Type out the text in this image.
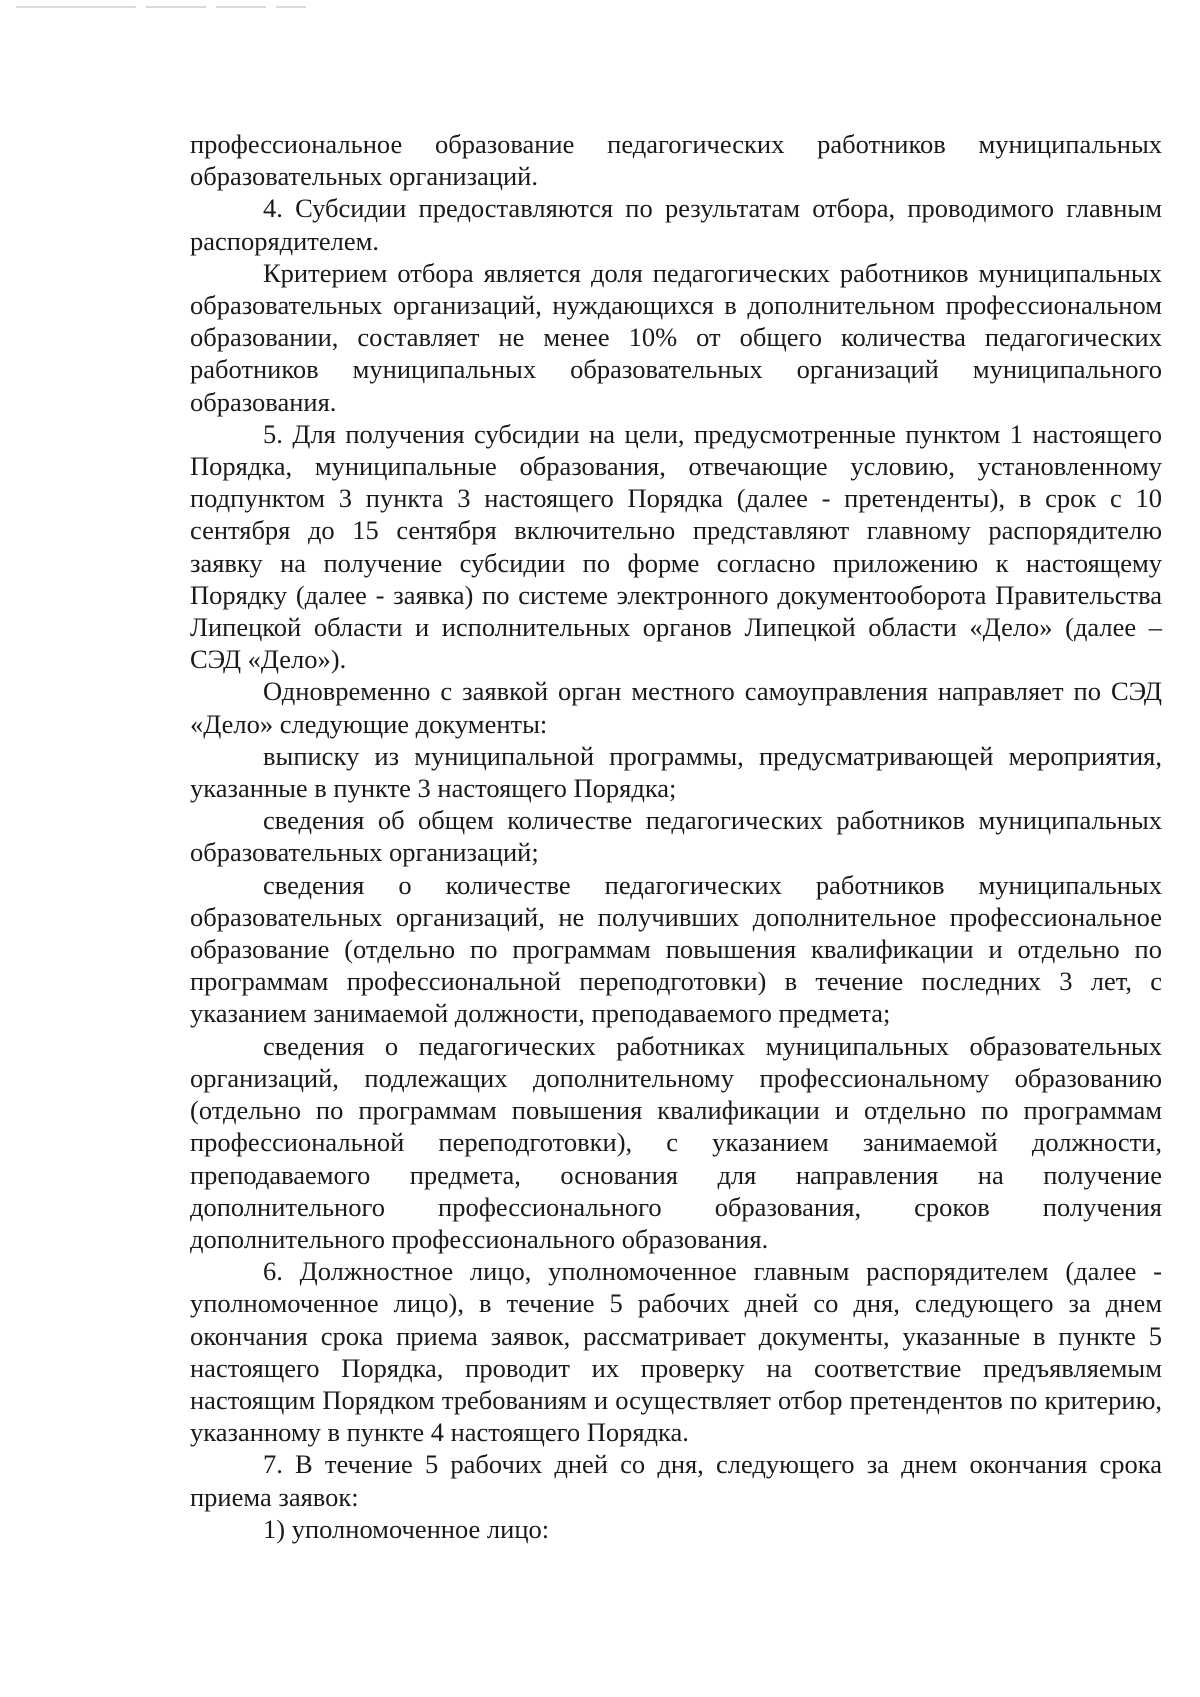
профессиональное образование педагогических работников муниципальных образовательных организаций.

4. Субсидии предоставляются по результатам отбора, проводимого главным распорядителем.

Критерием отбора является доля педагогических работников муниципальных образовательных организаций, нуждающихся в дополнительном профессиональном образовании, составляет не менее 10% от общего количества педагогических работников муниципальных образовательных организаций муниципального образования.

5. Для получения субсидии на цели, предусмотренные пунктом 1 настоящего Порядка, муниципальные образования, отвечающие условию, установленному подпунктом 3 пункта 3 настоящего Порядка (далее - претенденты), в срок с 10 сентября до 15 сентября включительно представляют главному распорядителю заявку на получение субсидии по форме согласно приложению к настоящему Порядку (далее - заявка) по системе электронного документооборота Правительства Липецкой области и исполнительных органов Липецкой области «Дело» (далее – СЭД «Дело»).

Одновременно с заявкой орган местного самоуправления направляет по СЭД «Дело» следующие документы:

выписку из муниципальной программы, предусматривающей мероприятия, указанные в пункте 3 настоящего Порядка;

сведения об общем количестве педагогических работников муниципальных образовательных организаций;

сведения о количестве педагогических работников муниципальных образовательных организаций, не получивших дополнительное профессиональное образование (отдельно по программам повышения квалификации и отдельно по программам профессиональной переподготовки) в течение последних 3 лет, с указанием занимаемой должности, преподаваемого предмета;

сведения о педагогических работниках муниципальных образовательных организаций, подлежащих дополнительному профессиональному образованию (отдельно по программам повышения квалификации и отдельно по программам профессиональной переподготовки), с указанием занимаемой должности, преподаваемого предмета, основания для направления на получение дополнительного профессионального образования, сроков получения дополнительного профессионального образования.

6. Должностное лицо, уполномоченное главным распорядителем (далее - уполномоченное лицо), в течение 5 рабочих дней со дня, следующего за днем окончания срока приема заявок, рассматривает документы, указанные в пункте 5 настоящего Порядка, проводит их проверку на соответствие предъявляемым настоящим Порядком требованиям и осуществляет отбор претендентов по критерию, указанному в пункте 4 настоящего Порядка.

7. В течение 5 рабочих дней со дня, следующего за днем окончания срока приема заявок:

1) уполномоченное лицо:
